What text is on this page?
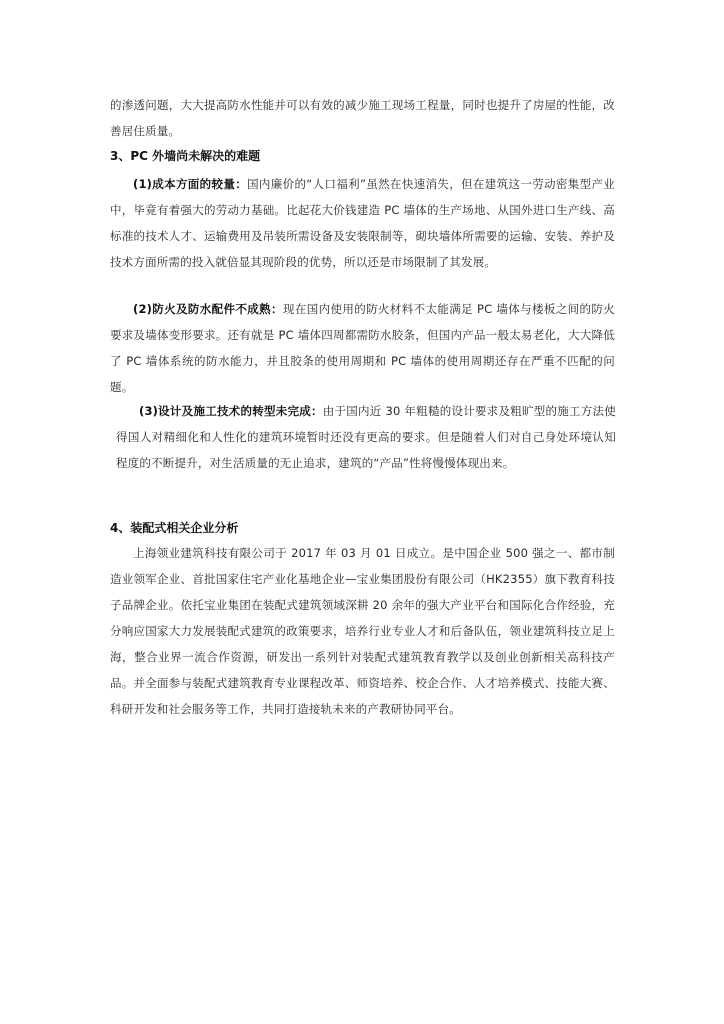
的渗透问题，大大提高防水性能并可以有效的减少施工现场工程量，同时也提升了房屋的性能，改善居住质量。

3、PC 外墙尚未解决的难题

(1)成本方面的较量：国内廉价的“人口福利”虽然在快速消失，但在建筑这一劳动密集型产业中，毕竟有着强大的劳动力基础。比起花大价钱建造 PC 墙体的生产场地、从国外进口生产线、高标准的技术人才、运输费用及吊装所需设备及安装限制等，砌块墙体所需要的运输、安装、养护及技术方面所需的投入就倍显其现阶段的优势，所以还是市场限制了其发展。

(2)防火及防水配件不成熟：现在国内使用的防火材料不太能满足 PC 墙体与楼板之间的防火要求及墙体变形要求。还有就是 PC 墙体四周都需防水胶条，但国内产品一般太易老化，大大降低了 PC 墙体系统的防水能力，并且胶条的使用周期和 PC 墙体的使用周期还存在严重不匹配的问题。

(3)设计及施工技术的转型未完成：由于国内近 30 年粗糙的设计要求及粗旷型的施工方法使得国人对精细化和人性化的建筑环境暂时还没有更高的要求。但是随着人们对自己身处环境认知程度的不断提升，对生活质量的无止追求，建筑的“产品”性将慢慢体现出来。

4、装配式相关企业分析

上海领业建筑科技有限公司于 2017 年 03 月 01 日成立。是中国企业 500 强之一、都市制造业领军企业、首批国家住宅产业化基地企业—宝业集团股份有限公司（HK2355）旗下教育科技子品牌企业。依托宝业集团在装配式建筑领域深耕 20 余年的强大产业平台和国际化合作经验，充分响应国家大力发展装配式建筑的政策要求，培养行业专业人才和后备队伍，领业建筑科技立足上海，整合业界一流合作资源，研发出一系列针对装配式建筑教育教学以及创业创新相关高科技产品。并全面参与装配式建筑教育专业课程改革、师资培养、校企合作、人才培养模式、技能大赛、科研开发和社会服务等工作，共同打造接轨未来的产教研协同平台。
